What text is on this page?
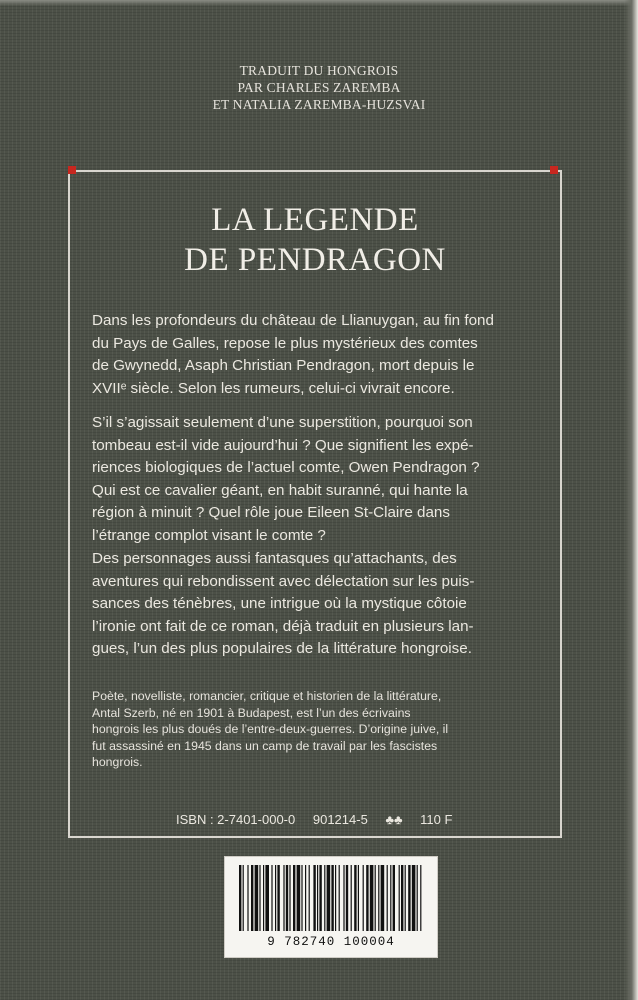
TRADUIT DU HONGROIS
PAR CHARLES ZAREMBA
ET NATALIA ZAREMBA-HUZSVAI
LA LEGENDE
DE PENDRAGON
Dans les profondeurs du château de Llianuygan, au fin fond
du Pays de Galles, repose le plus mystérieux des comtes
de Gwynedd, Asaph Christian Pendragon, mort depuis le
XVIIᵉ siècle. Selon les rumeurs, celui-ci vivrait encore.
S’il s’agissait seulement d’une superstition, pourquoi son
tombeau est-il vide aujourd’hui ? Que signifient les expé-
riences biologiques de l’actuel comte, Owen Pendragon ?
Qui est ce cavalier géant, en habit suranné, qui hante la
région à minuit ? Quel rôle joue Eileen St-Claire dans
l’étrange complot visant le comte ?
Des personnages aussi fantasques qu’attachants, des
aventures qui rebondissent avec délectation sur les puis-
sances des ténèbres, une intrigue où la mystique côtoie
l’ironie ont fait de ce roman, déjà traduit en plusieurs lan-
gues, l’un des plus populaires de la littérature hongroise.
Poète, novelliste, romancier, critique et historien de la littérature,
Antal Szerb, né en 1901 à Budapest, est l’un des écrivains
hongrois les plus doués de l’entre-deux-guerres. D’origine juive, il
fut assassiné en 1945 dans un camp de travail par les fascistes
hongrois.
ISBN : 2-7401-000-0 901214-5 ♣♣ 110 F
9 782740 100004
